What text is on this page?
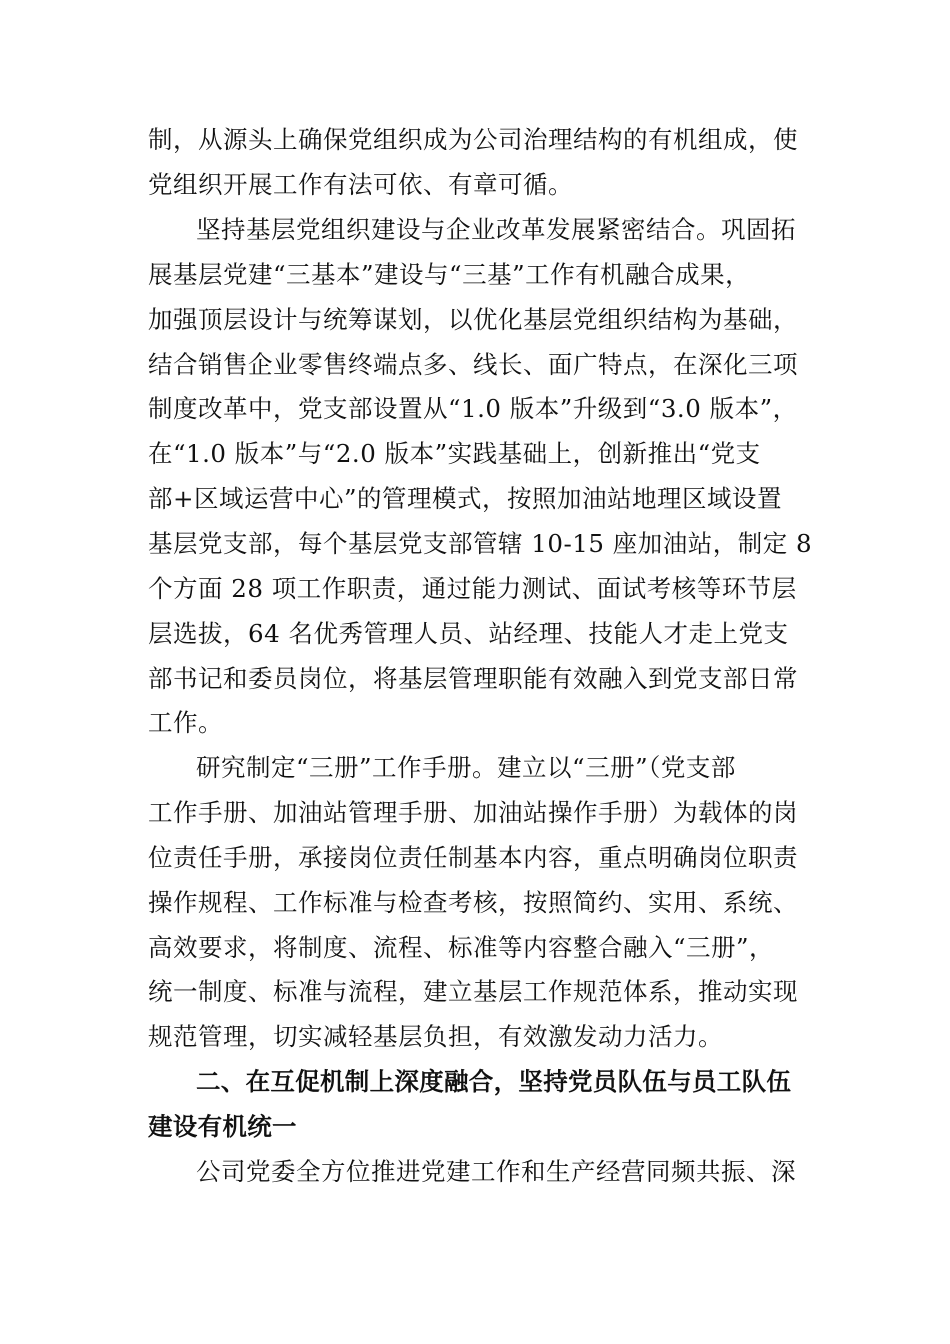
制，从源头上确保党组织成为公司治理结构的有机组成，使
党组织开展工作有法可依、有章可循。
坚持基层党组织建设与企业改革发展紧密结合。巩固拓
展基层党建“三基本”建设与“三基”工作有机融合成果，
加强顶层设计与统筹谋划，以优化基层党组织结构为基础，
结合销售企业零售终端点多、线长、面广特点，在深化三项
制度改革中，党支部设置从“1.0 版本”升级到“3.0 版本”，
在“1.0 版本”与“2.0 版本”实践基础上，创新推出“党支
部+区域运营中心”的管理模式，按照加油站地理区域设置
基层党支部，每个基层党支部管辖 10-15 座加油站，制定 8
个方面 28 项工作职责，通过能力测试、面试考核等环节层
层选拔，64 名优秀管理人员、站经理、技能人才走上党支
部书记和委员岗位，将基层管理职能有效融入到党支部日常
工作。
研究制定“三册”工作手册。建立以“三册”（党支部
工作手册、加油站管理手册、加油站操作手册）为载体的岗
位责任手册，承接岗位责任制基本内容，重点明确岗位职责
操作规程、工作标准与检查考核，按照简约、实用、系统、
高效要求，将制度、流程、标准等内容整合融入“三册”，
统一制度、标准与流程，建立基层工作规范体系，推动实现
规范管理，切实减轻基层负担，有效激发动力活力。
二、在互促机制上深度融合，坚持党员队伍与员工队伍
建设有机统一
公司党委全方位推进党建工作和生产经营同频共振、深
